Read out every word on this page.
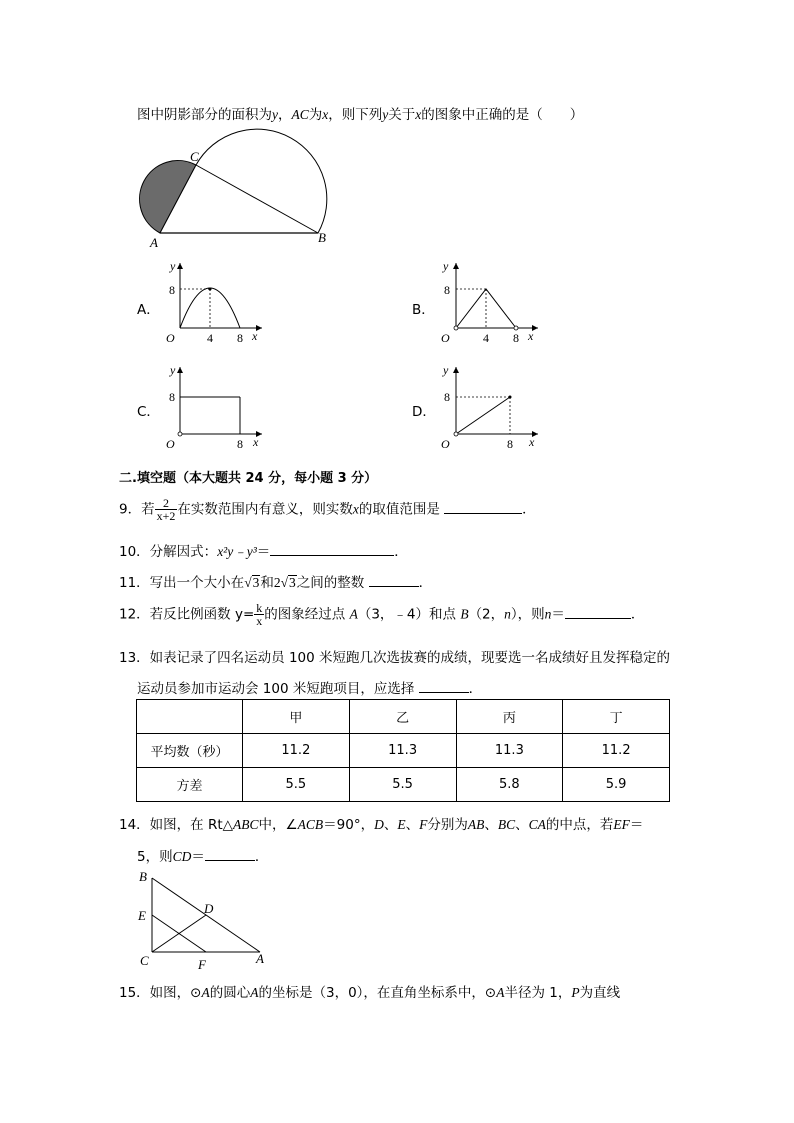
图中阴影部分的面积为y，AC为x，则下列y关于x的图象中正确的是（　　）
A	B
C
A．
y
8
O	4 8 x
B．
y
8
O	4 8 x
C．
y
8
O	8 x
D．
y
8
O	8 x
二.填空题（本大题共 24 分，每小题 3 分）
9．若 $\frac{2}{x+2}$ 在实数范围内有意义，则实数x的取值范围是	．
10．分解因式：x²y﹣y³＝	．
11．写出一个大小在√3和2√3之间的整数	．
12．若反比例函数 $y= \frac{k}{x}$ 的图象经过点 A（3，﹣4）和点 B（2，n），则n＝	．
13．如表记录了四名运动员 100 米短跑几次选拔赛的成绩，现要选一名成绩好且发挥稳定的
运动员参加市运动会 100 米短跑项目，应选择	．
	甲	乙	丙	丁
平均数（秒）	11.2	11.3	11.3	11.2
方差	5.5	5.5	5.8	5.9
14．如图，在 Rt△ABC中，∠ACB＝90°，D、E、F分别为AB、BC、CA的中点，若EF＝
5，则CD＝	．
B
E	D
C	F	A
15．如图，⊙A的圆心A的坐标是（3，0），在直角坐标系中，⊙A半径为 1，P为直线
